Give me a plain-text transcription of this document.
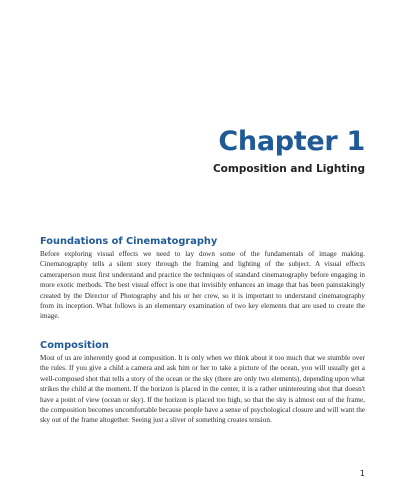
Chapter 1
Composition and Lighting
Foundations of Cinematography

Before exploring visual effects we need to lay down some of the fundamentals of image making. Cinematography tells a silent story through the framing and lighting of the subject. A visual effects cameraperson must first understand and practice the techniques of standard cinematography before engaging in more exotic methods. The best visual effect is one that invisibly enhances an image that has been painstakingly created by the Director of Photography and his or her crew, so it is important to understand cinematography from its inception. What follows is an elementary examination of two key elements that are used to create the image.

Composition

Most of us are inherently good at composition. It is only when we think about it too much that we stumble over the rules. If you give a child a camera and ask him or her to take a picture of the ocean, you will usually get a well-composed shot that tells a story of the ocean or the sky (there are only two elements), depending upon what strikes the child at the moment. If the horizon is placed in the center, it is a rather uninteresting shot that doesn't have a point of view (ocean or sky). If the horizon is placed too high, so that the sky is almost out of the frame, the composition becomes uncomfortable because people have a sense of psychological closure and will want the sky out of the frame altogether. Seeing just a sliver of something creates tension.

1
